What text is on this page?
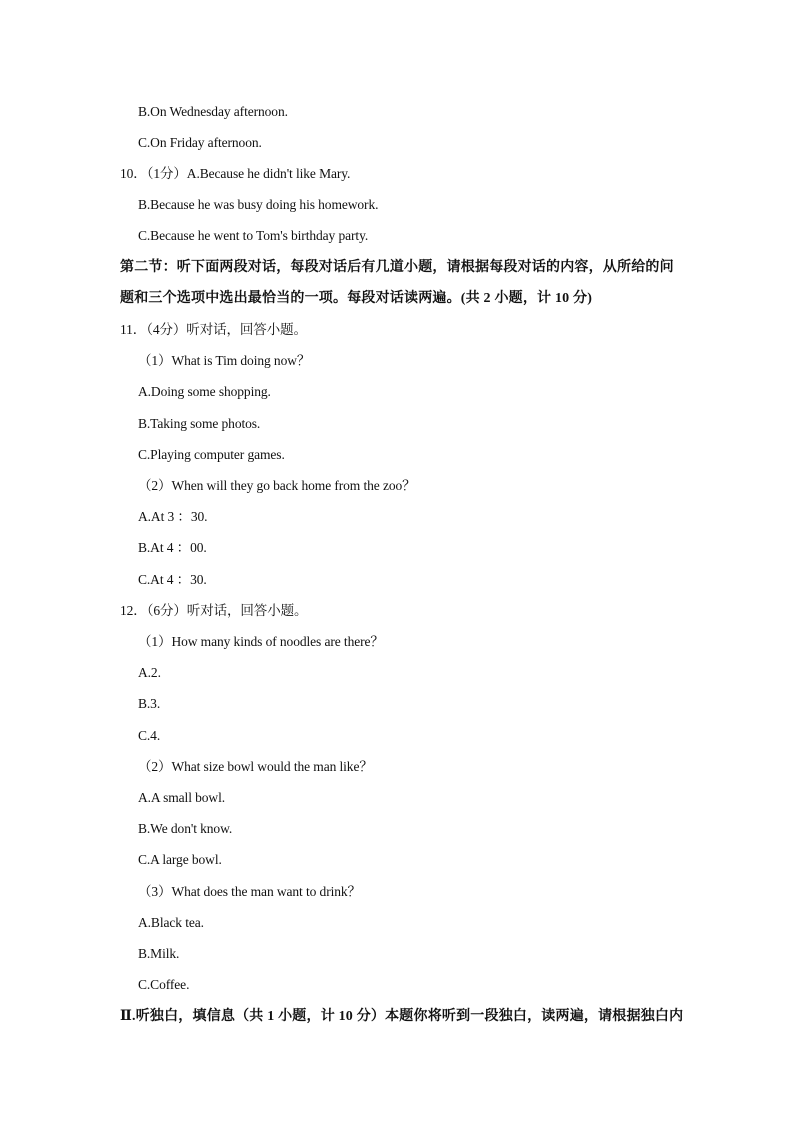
B.On Wednesday afternoon.
C.On Friday afternoon.
10．（1分）A.Because he didn't like Mary.
B.Because he was busy doing his homework.
C.Because he went to Tom's birthday party.
第二节：听下面两段对话，每段对话后有几道小题，请根据每段对话的内容，从所给的问
题和三个选项中选出最恰当的一项。每段对话读两遍。(共 2 小题，计 10 分)
11．（4分）听对话，回答小题。
（1）What is Tim doing now？
A.Doing some shopping.
B.Taking some photos.
C.Playing computer games.
（2）When will they go back home from the zoo？
A.At 3 ：30.
B.At 4 ：00.
C.At 4 ：30.
12．（6分）听对话，回答小题。
（1）How many kinds of noodles are there？
A.2.
B.3.
C.4.
（2）What size bowl would the man like？
A.A small bowl.
B.We don't know.
C.A large bowl.
（3）What does the man want to drink？
A.Black tea.
B.Milk.
C.Coffee.
Ⅱ.听独白，填信息（共 1 小题，计 10 分）本题你将听到一段独白，读两遍，请根据独白内
